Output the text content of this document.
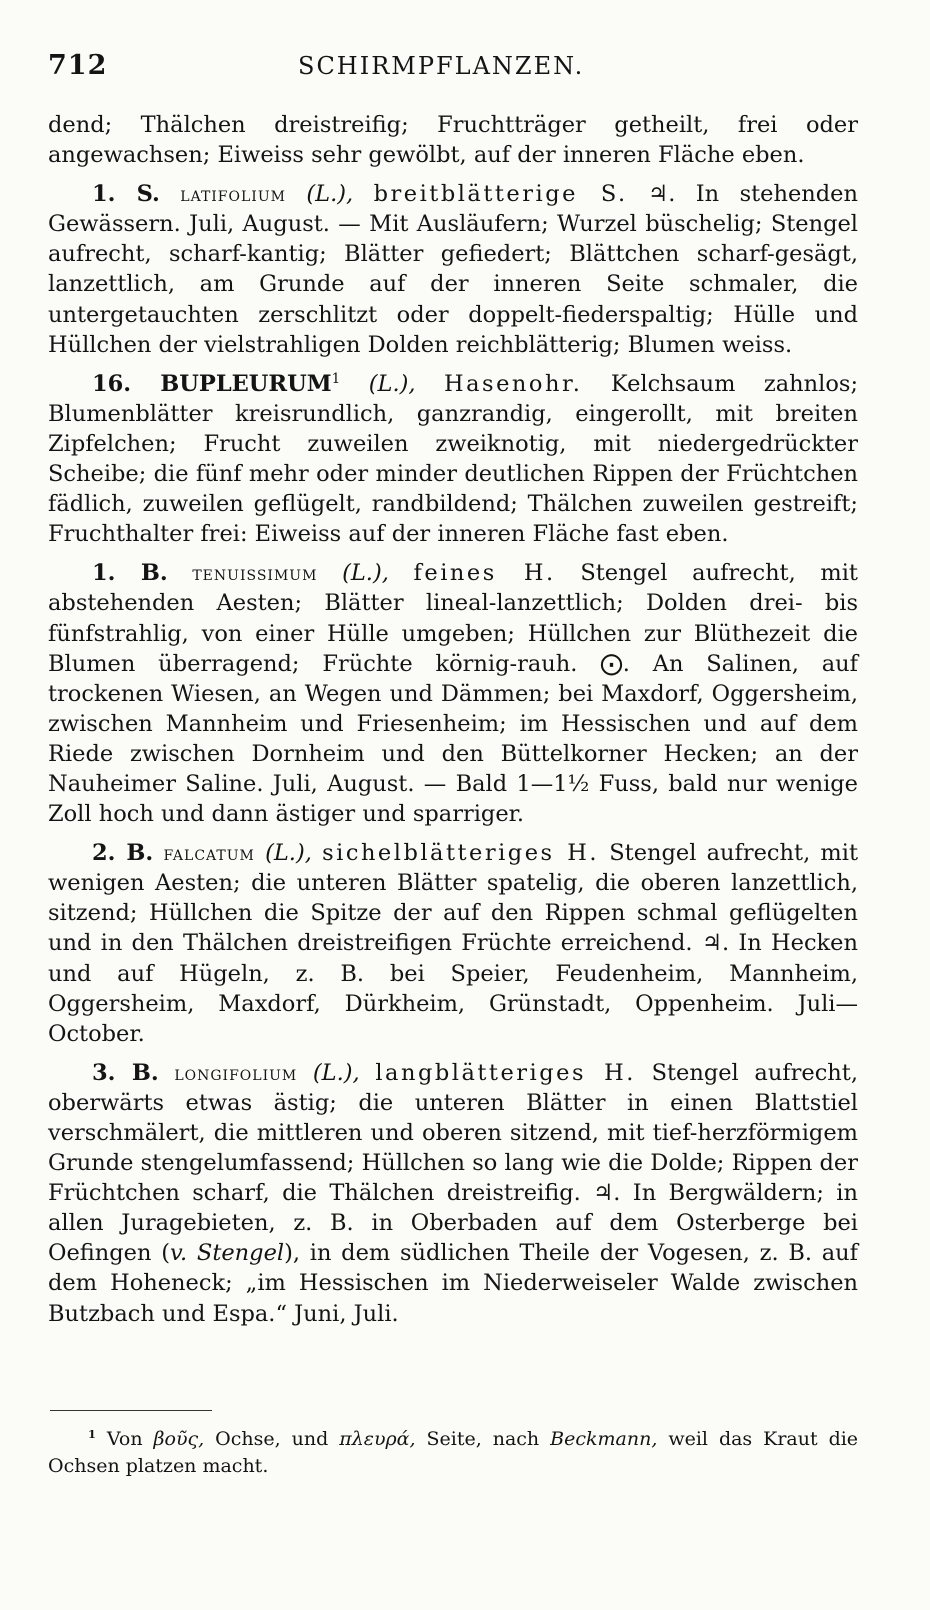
712	SCHIRMPFLANZEN.

dend; Thälchen dreistreifig; Fruchtträger getheilt, frei oder angewachsen; Eiweiss sehr gewölbt, auf der inneren Fläche eben.

1. S. latifolium (L.), breitblätterige S. ♃. In stehenden Gewässern. Juli, August. — Mit Ausläufern; Wurzel büschelig; Stengel aufrecht, scharf-kantig; Blätter gefiedert; Blättchen scharf-gesägt, lanzettlich, am Grunde auf der inneren Seite schmaler, die untergetauchten zerschlitzt oder doppelt-fiederspaltig; Hülle und Hüllchen der vielstrahligen Dolden reichblätterig; Blumen weiss.

16. BUPLEURUM$^1$ (L.), Hasenohr. Kelchsaum zahnlos; Blumenblätter kreisrundlich, ganzrandig, eingerollt, mit breiten Zipfelchen; Frucht zuweilen zweiknotig, mit niedergedrückter Scheibe; die fünf mehr oder minder deutlichen Rippen der Früchtchen fädlich, zuweilen geflügelt, randbildend; Thälchen zuweilen gestreift; Fruchthalter frei: Eiweiss auf der inneren Fläche fast eben.

1. B. tenuissimum (L.), feines H. Stengel aufrecht, mit abstehenden Aesten; Blätter lineal-lanzettlich; Dolden drei- bis fünfstrahlig, von einer Hülle umgeben; Hüllchen zur Blüthezeit die Blumen überragend; Früchte körnig-rauh. ⨀. An Salinen, auf trockenen Wiesen, an Wegen und Dämmen; bei Maxdorf, Oggersheim, zwischen Mannheim und Friesenheim; im Hessischen und auf dem Riede zwischen Dornheim und den Büttelkorner Hecken; an der Nauheimer Saline. Juli, August. — Bald 1—1½ Fuss, bald nur wenige Zoll hoch und dann ästiger und sparriger.

2. B. falcatum (L.), sichelblätteriges H. Stengel aufrecht, mit wenigen Aesten; die unteren Blätter spatelig, die oberen lanzettlich, sitzend; Hüllchen die Spitze der auf den Rippen schmal geflügelten und in den Thälchen dreistreifigen Früchte erreichend. ♃. In Hecken und auf Hügeln, z. B. bei Speier, Feudenheim, Mannheim, Oggersheim, Maxdorf, Dürkheim, Grünstadt, Oppenheim. Juli—October.

3. B. longifolium (L.), langblätteriges H. Stengel aufrecht, oberwärts etwas ästig; die unteren Blätter in einen Blattstiel verschmälert, die mittleren und oberen sitzend, mit tief-herzförmigem Grunde stengelumfassend; Hüllchen so lang wie die Dolde; Rippen der Früchtchen scharf, die Thälchen dreistreifig. ♃. In Bergwäldern; in allen Juragebieten, z. B. in Oberbaden auf dem Osterberge bei Oefingen (v. Stengel), in dem südlichen Theile der Vogesen, z. B. auf dem Hoheneck; „im Hessischen im Niederweiseler Walde zwischen Butzbach und Espa.“ Juni, Juli.

$^1$ Von βοῦς, Ochse, und πλευρά, Seite, nach Beckmann, weil das Kraut die Ochsen platzen macht.
